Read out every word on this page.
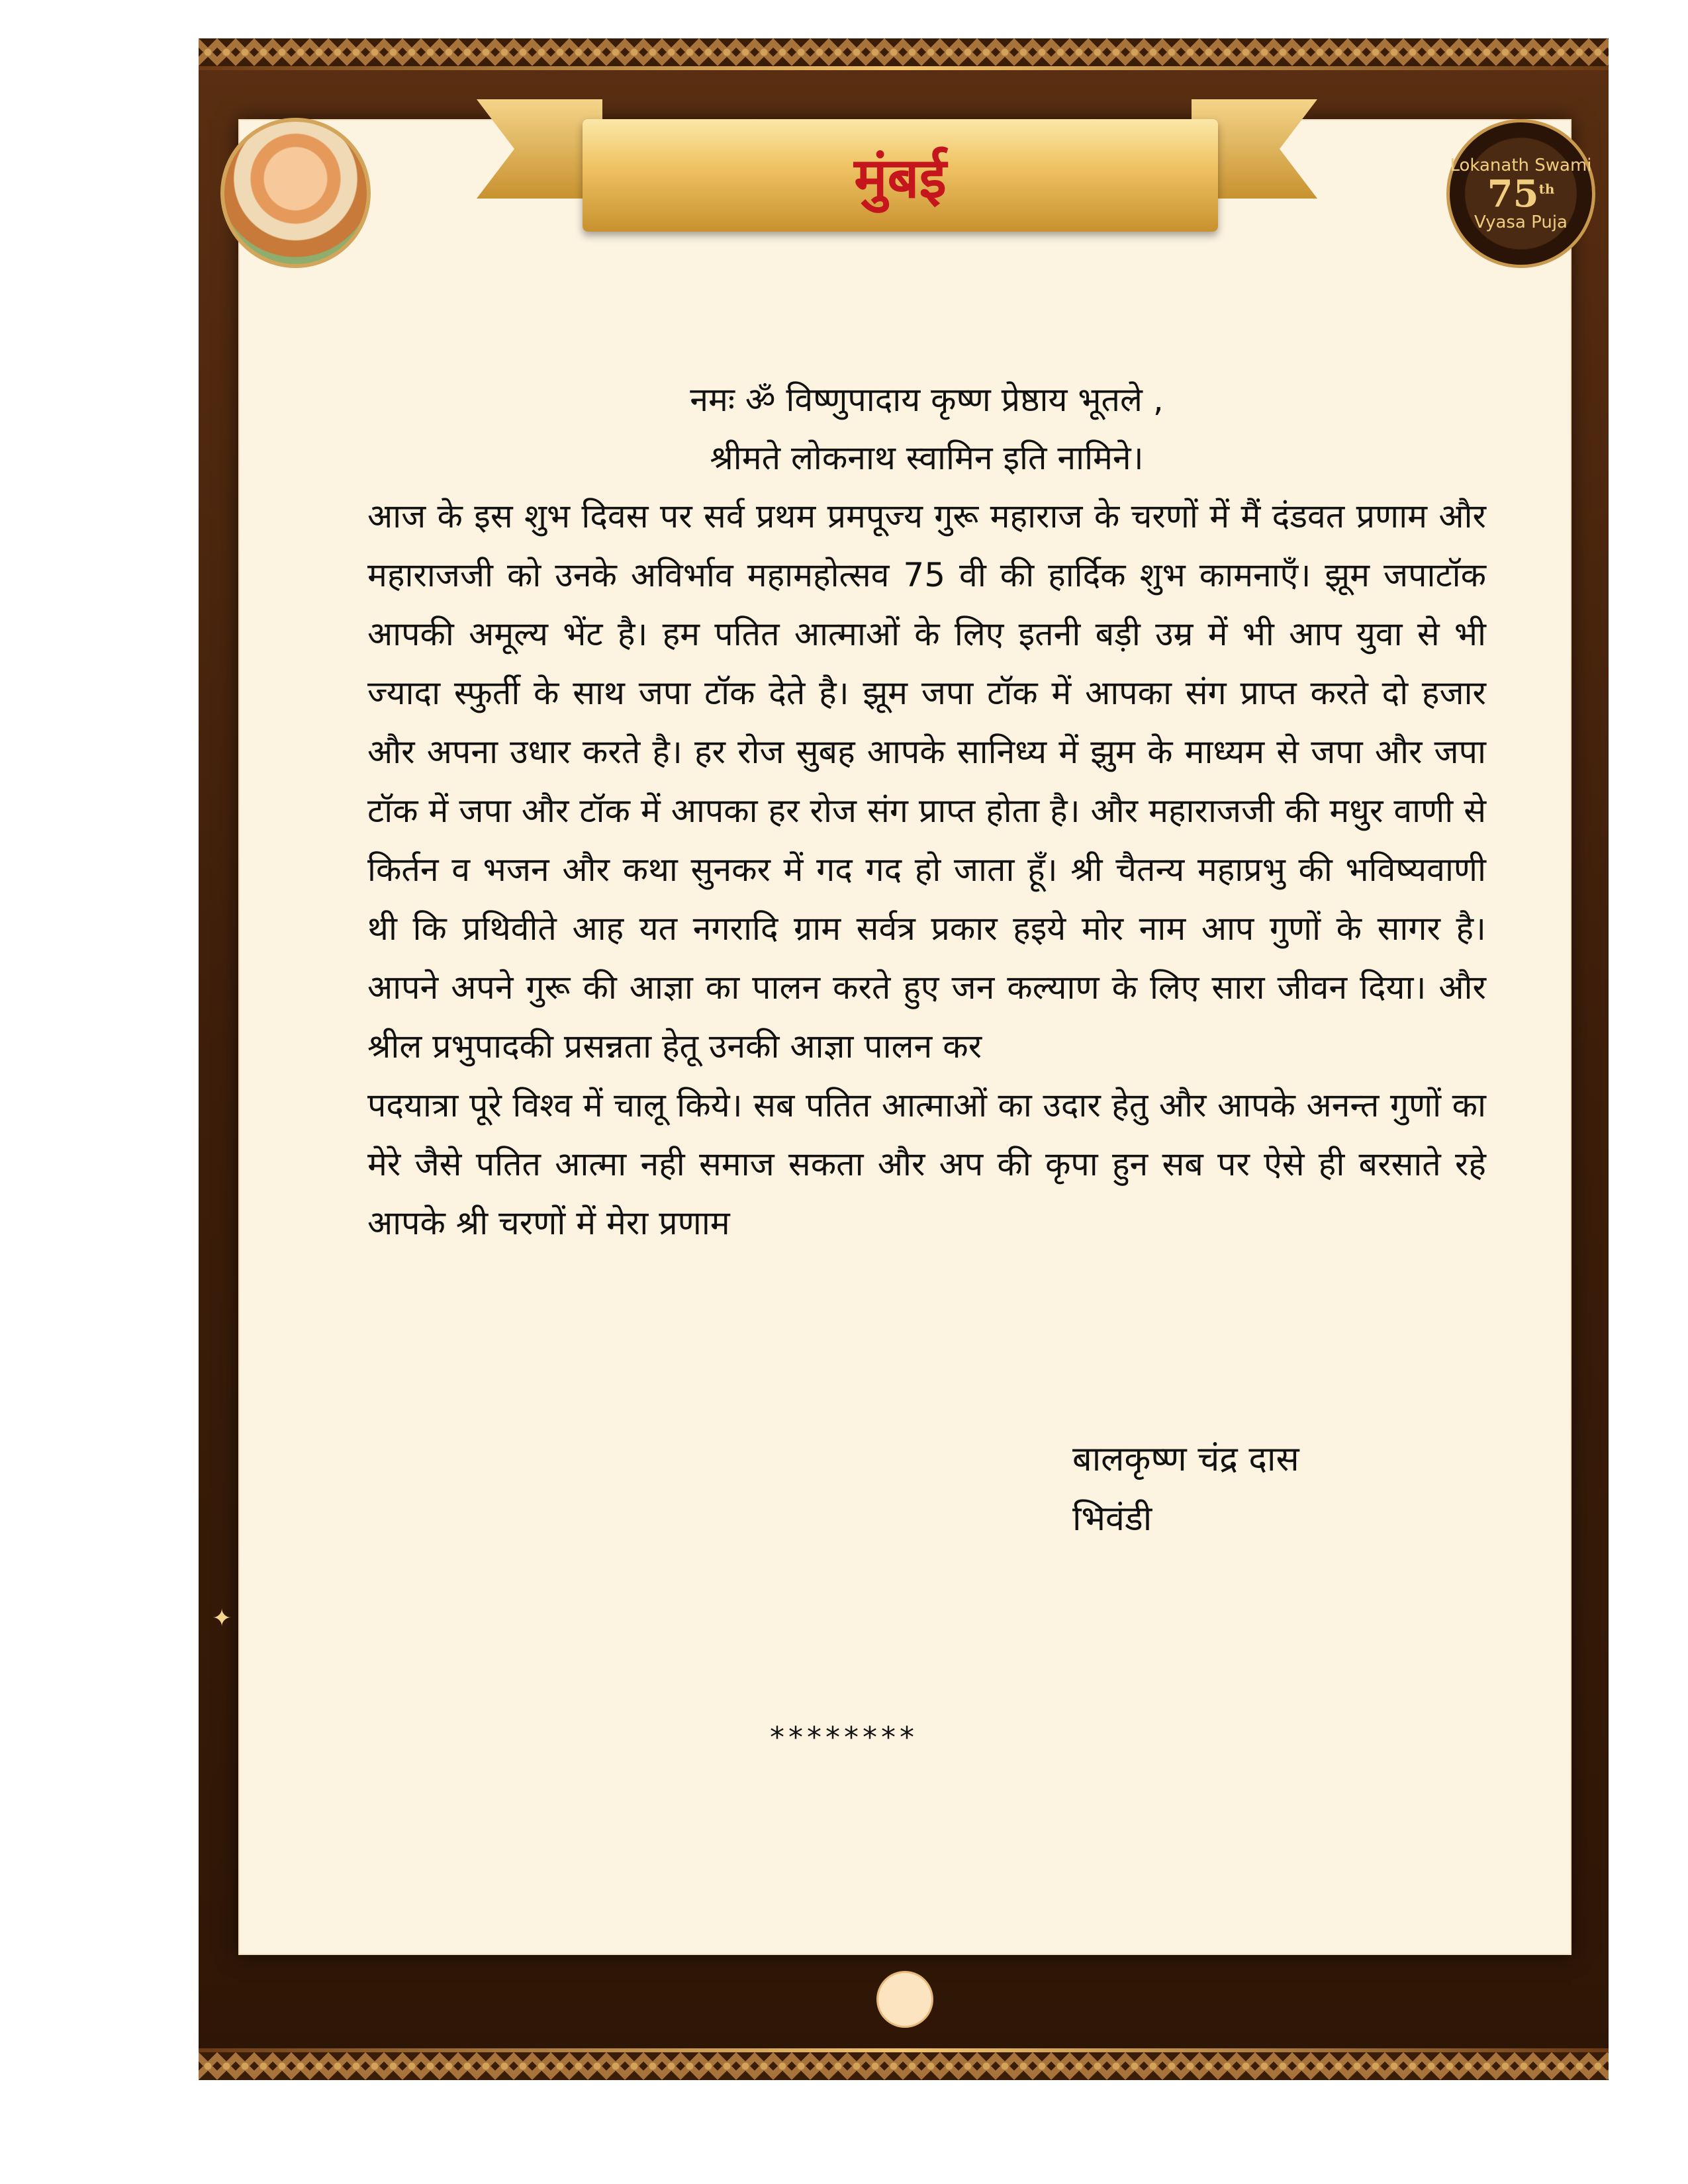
मुंबई	Lokanath Swami
75th
Vyasa Puja
नमः ॐ विष्णुपादाय कृष्ण प्रेष्ठाय भूतले ,
श्रीमते लोकनाथ स्वामिन इति नामिने।

आज के इस शुभ दिवस पर सर्व प्रथम प्रमपूज्य गुरू महाराज के चरणों में मैं दंडवत प्रणाम और महाराजजी को उनके अविर्भाव महामहोत्सव 75 वी की हार्दिक शुभ कामनाएँ। झूम जपाटॉक आपकी अमूल्य भेंट है। हम पतित आत्माओं के लिए इतनी बड़ी उम्र में भी आप युवा से भी ज्यादा स्फुर्ती के साथ जपा टॉक देते है। झूम जपा टॉक में आपका संग प्राप्त करते दो हजार और अपना उधार करते है। हर रोज सुबह आपके सानिध्य में झुम के माध्यम से जपा और जपा टॉक में जपा और टॉक में आपका हर रोज संग प्राप्त होता है। और महाराजजी की मधुर वाणी से किर्तन व भजन और कथा सुनकर में गद गद हो जाता हूँ। श्री चैतन्य महाप्रभु की भविष्यवाणी थी कि प्रथिवीते आह यत नगरादि ग्राम सर्वत्र प्रकार हइये मोर नाम आप गुणों के सागर है। आपने अपने गुरू की आज्ञा का पालन करते हुए जन कल्याण के लिए सारा जीवन दिया। और श्रील प्रभुपादकी प्रसन्नता हेतू उनकी आज्ञा पालन कर

पदयात्रा पूरे विश्व में चालू किये। सब पतित आत्माओं का उदार हेतु और आपके अनन्त गुणों का मेरे जैसे पतित आत्मा नही समाज सकता और अप की कृपा हुन सब पर ऐसे ही बरसाते रहे आपके श्री चरणों में मेरा प्रणाम

बालकृष्ण चंद्र दास
भिवंडी
********
✦
